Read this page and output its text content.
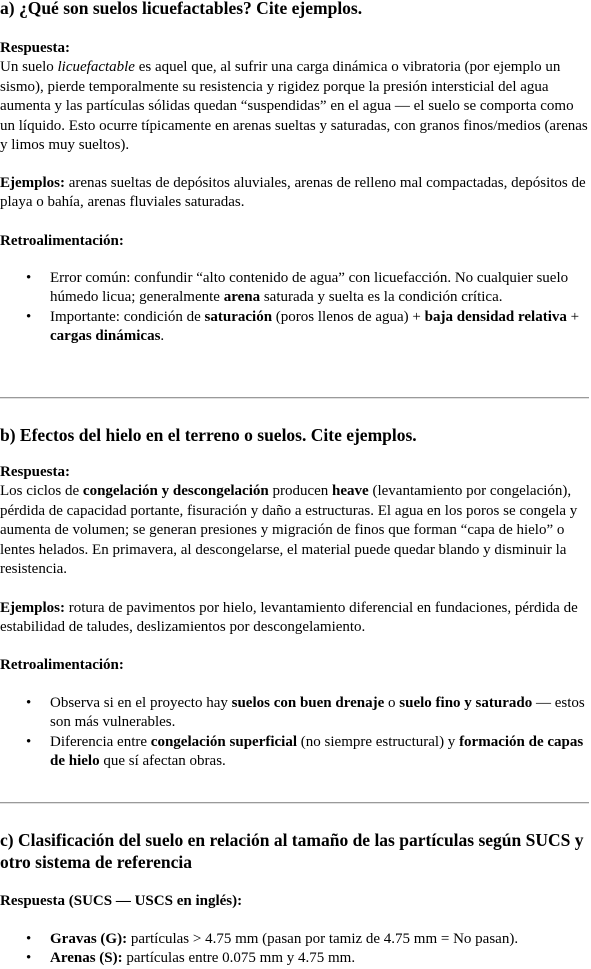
a) ¿Qué son suelos licuefactables? Cite ejemplos.

Respuesta:
Un suelo licuefactable es aquel que, al sufrir una carga dinámica o vibratoria (por ejemplo un sismo), pierde temporalmente su resistencia y rigidez porque la presión intersticial del agua aumenta y las partículas sólidas quedan “suspendidas” en el agua — el suelo se comporta como un líquido. Esto ocurre típicamente en arenas sueltas y saturadas, con granos finos/medios (arenas y limos muy sueltos).

Ejemplos: arenas sueltas de depósitos aluviales, arenas de relleno mal compactadas, depósitos de playa o bahía, arenas fluviales saturadas.

Retroalimentación:

• Error común: confundir “alto contenido de agua” con licuefacción. No cualquier suelo húmedo licua; generalmente arena saturada y suelta es la condición crítica.
• Importante: condición de saturación (poros llenos de agua) + baja densidad relativa + cargas dinámicas.
b) Efectos del hielo en el terreno o suelos. Cite ejemplos.

Respuesta:
Los ciclos de congelación y descongelación producen heave (levantamiento por congelación), pérdida de capacidad portante, fisuración y daño a estructuras. El agua en los poros se congela y aumenta de volumen; se generan presiones y migración de finos que forman “capa de hielo” o lentes helados. En primavera, al descongelarse, el material puede quedar blando y disminuir la resistencia.

Ejemplos: rotura de pavimentos por hielo, levantamiento diferencial en fundaciones, pérdida de estabilidad de taludes, deslizamientos por descongelamiento.

Retroalimentación:

• Observa si en el proyecto hay suelos con buen drenaje o suelo fino y saturado — estos son más vulnerables.
• Diferencia entre congelación superficial (no siempre estructural) y formación de capas de hielo que sí afectan obras.
c) Clasificación del suelo en relación al tamaño de las partículas según SUCS y otro sistema de referencia

Respuesta (SUCS — USCS en inglés):

• Gravas (G): partículas > 4.75 mm (pasan por tamiz de 4.75 mm = No pasan).
• Arenas (S): partículas entre 0.075 mm y 4.75 mm.
